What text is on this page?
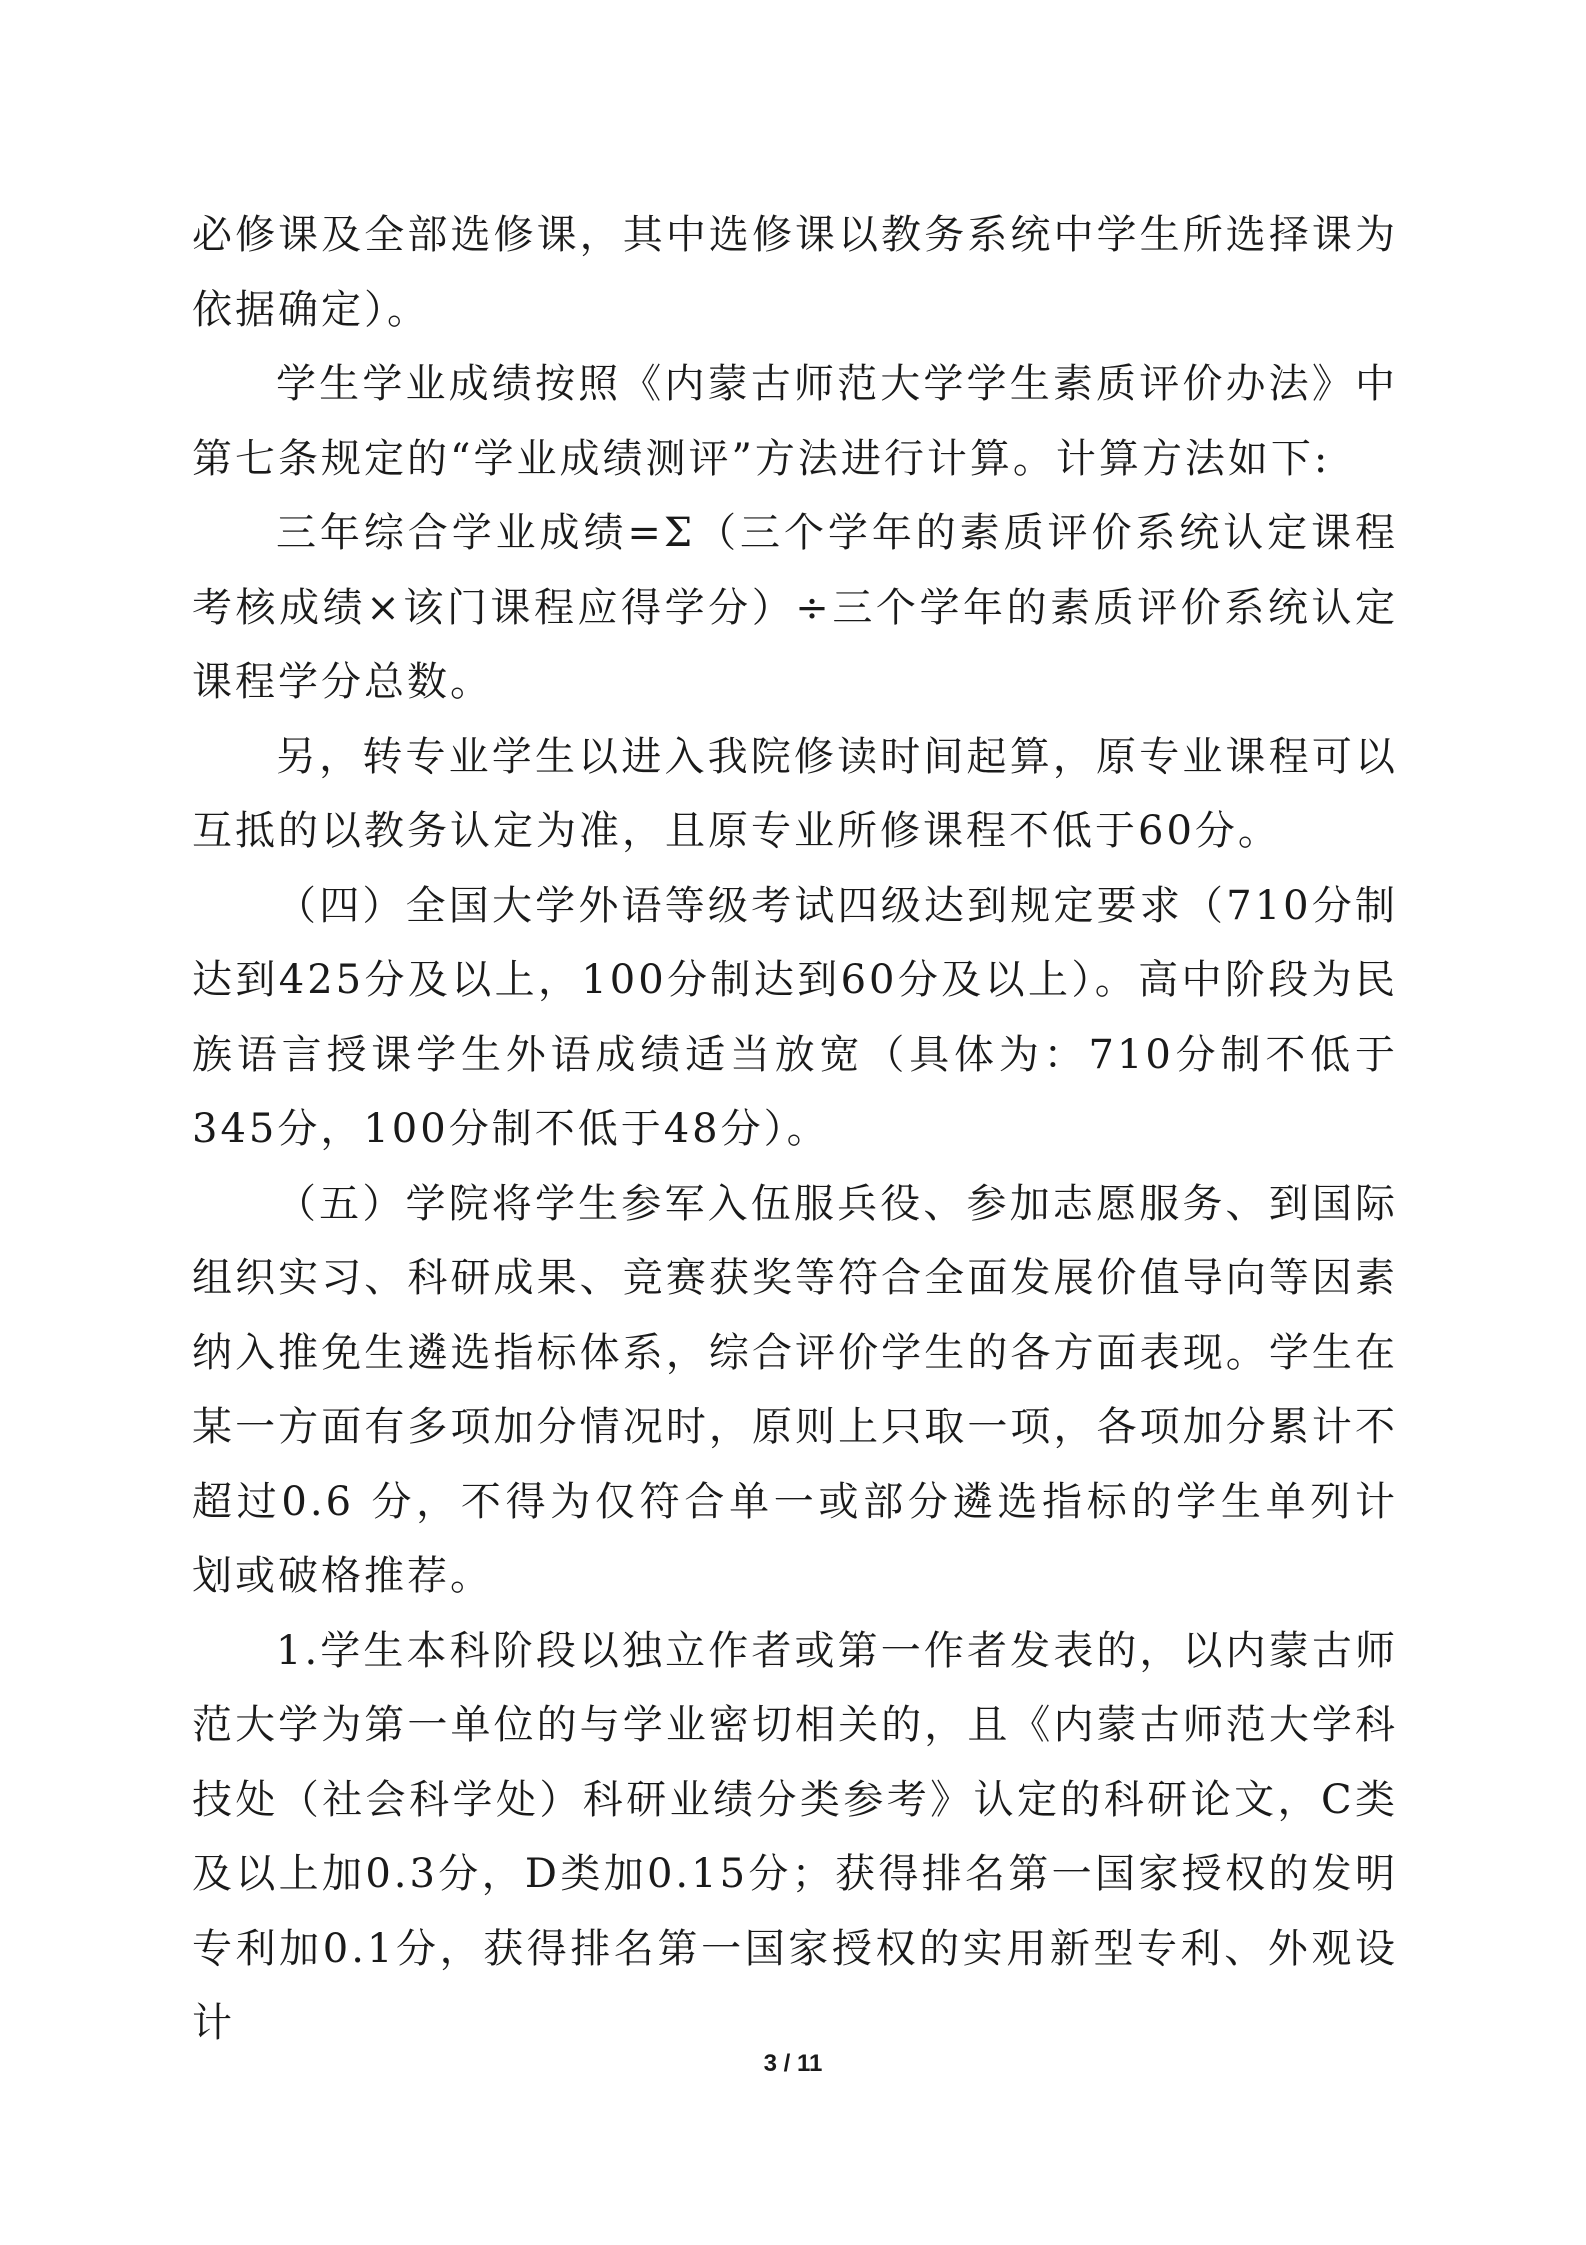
必修课及全部选修课，其中选修课以教务系统中学生所选择课为依据确定）。

学生学业成绩按照《内蒙古师范大学学生素质评价办法》中第七条规定的“学业成绩测评”方法进行计算。计算方法如下:

三年综合学业成绩=Σ（三个学年的素质评价系统认定课程考核成绩×该门课程应得学分）÷三个学年的素质评价系统认定课程学分总数。

另，转专业学生以进入我院修读时间起算，原专业课程可以互抵的以教务认定为准，且原专业所修课程不低于60分。

（四）全国大学外语等级考试四级达到规定要求（710分制达到425分及以上，100分制达到60分及以上）。高中阶段为民族语言授课学生外语成绩适当放宽（具体为：710分制不低于345分，100分制不低于48分）。

（五）学院将学生参军入伍服兵役、参加志愿服务、到国际组织实习、科研成果、竞赛获奖等符合全面发展价值导向等因素纳入推免生遴选指标体系，综合评价学生的各方面表现。学生在某一方面有多项加分情况时，原则上只取一项，各项加分累计不超过0.6 分，不得为仅符合单一或部分遴选指标的学生单列计划或破格推荐。

1.学生本科阶段以独立作者或第一作者发表的，以内蒙古师范大学为第一单位的与学业密切相关的，且《内蒙古师范大学科技处（社会科学处）科研业绩分类参考》认定的科研论文，C类及以上加0.3分，D类加0.15分；获得排名第一国家授权的发明专利加0.1分，获得排名第一国家授权的实用新型专利、外观设计

3 / 11
